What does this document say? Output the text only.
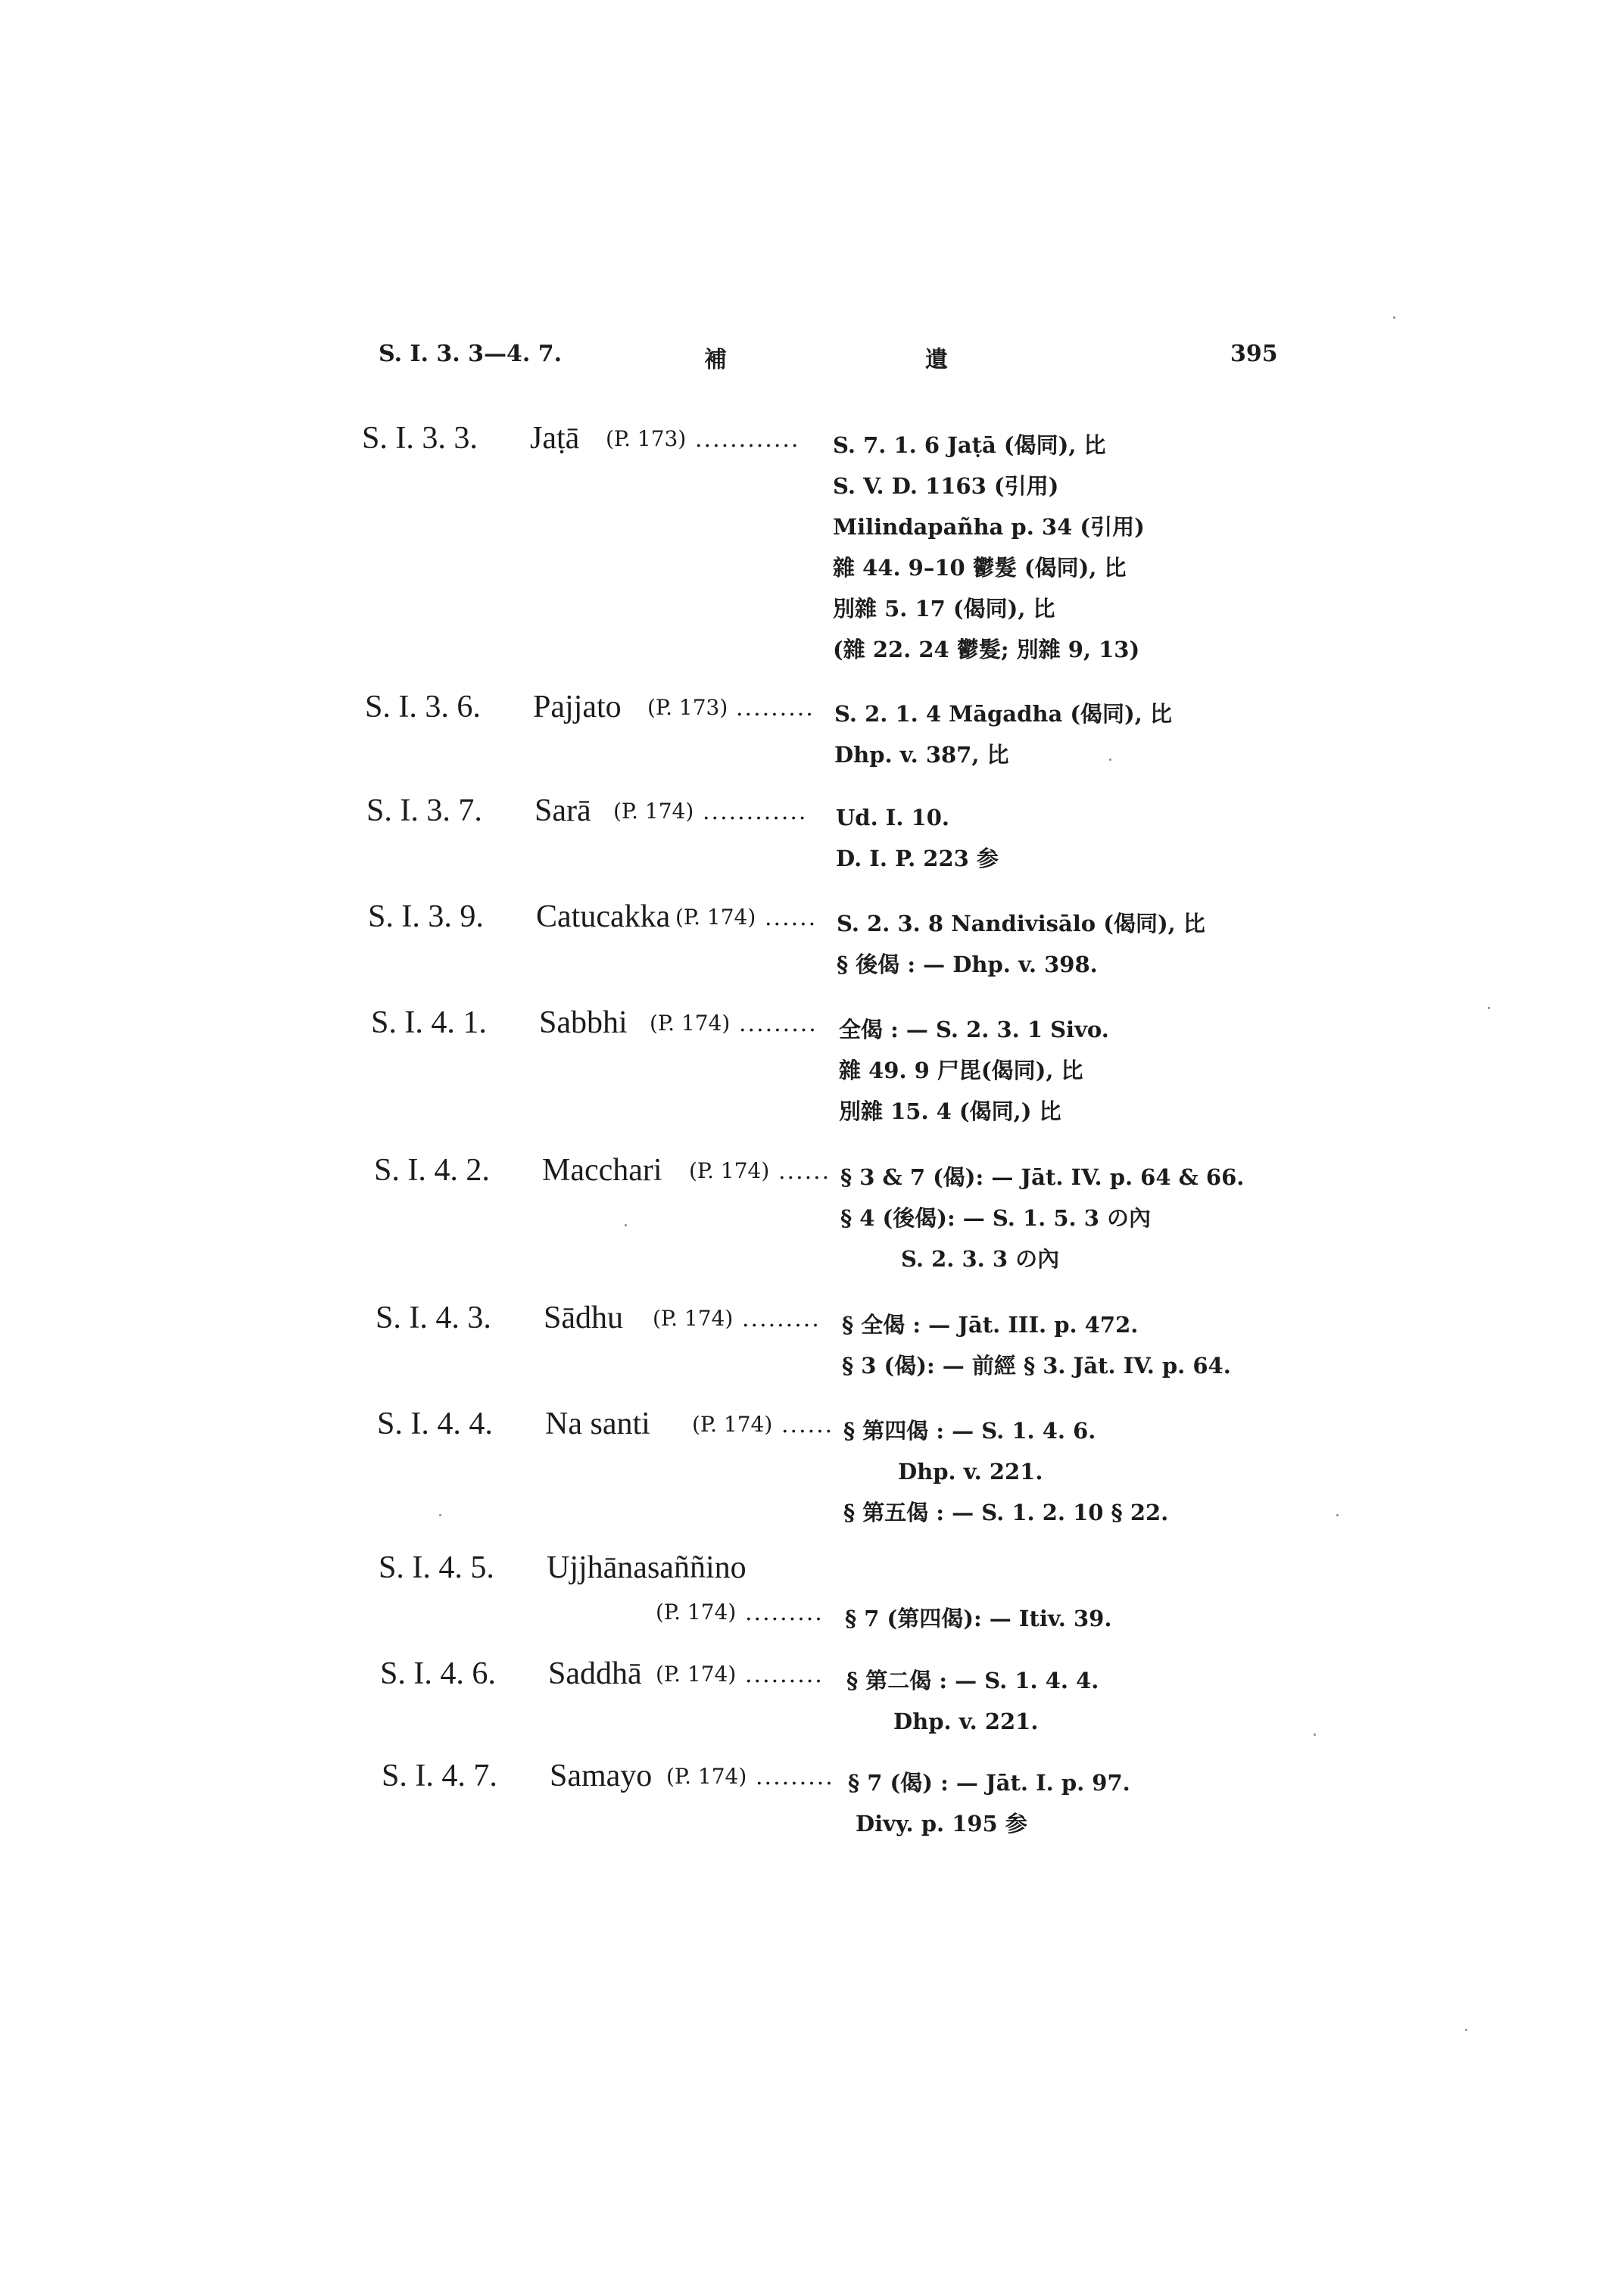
S. I. 3. 3—4. 7.	補	遺	395
S. I. 3. 3. Jaṭā (P. 173) ............	S. 7. 1. 6 Jaṭā (偈同), 比
S. V. D. 1163 (引用)
Milindapañha p. 34 (引用)
雜 44. 9–10 鬱髮 (偈同), 比
別雜 5. 17 (偈同), 比
(雜 22. 24 鬱髮; 別雜 9, 13)
S. I. 3. 6. Pajjato (P. 173) ......... S. 2. 1. 4 Māgadha (偈同), 比
Dhp. v. 387, 比
S. I. 3. 7. Sarā (P. 174) ............	Ud. I. 10.
D. I. P. 223 参
S. I. 3. 9. Catucakka (P. 174) ...... S. 2. 3. 8 Nandivisālo (偈同), 比
§ 後偈 : — Dhp. v. 398.
S. I. 4. 1. Sabbhi (P. 174) ......... 全偈 : — S. 2. 3. 1 Sivo.
雜 49. 9 尸毘(偈同), 比
別雜 15. 4 (偈同,) 比
S. I. 4. 2. Macchari (P. 174) ...... § 3 & 7 (偈): — Jāt. IV. p. 64 & 66.
§ 4 (後偈): — S. 1. 5. 3 の內
S. 2. 3. 3 の內
S. I. 4. 3. Sādhu (P. 174) ......... § 全偈 : — Jāt. III. p. 472.
§ 3 (偈): — 前經 § 3. Jāt. IV. p. 64.
S. I. 4. 4. Na santi (P. 174) ...... § 第四偈 : — S. 1. 4. 6.
Dhp. v. 221.
§ 第五偈 : — S. 1. 2. 10 § 22.
S. I. 4. 5. Ujjhānasaññino
(P. 174) ......... § 7 (第四偈): — Itiv. 39.
S. I. 4. 6. Saddhā (P. 174) .........	§ 第二偈 : — S. 1. 4. 4.
Dhp. v. 221.
S. I. 4. 7. Samayo (P. 174) ......... § 7 (偈) : — Jāt. I. p. 97.
Divy. p. 195 参
